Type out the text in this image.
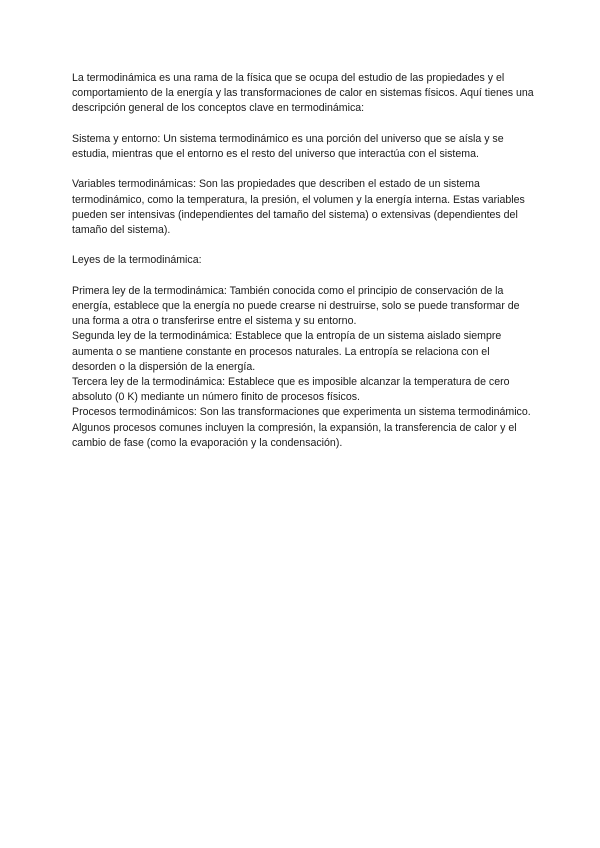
La termodinámica es una rama de la física que se ocupa del estudio de las propiedades y el comportamiento de la energía y las transformaciones de calor en sistemas físicos. Aquí tienes una descripción general de los conceptos clave en termodinámica:

Sistema y entorno: Un sistema termodinámico es una porción del universo que se aísla y se estudia, mientras que el entorno es el resto del universo que interactúa con el sistema.

Variables termodinámicas: Son las propiedades que describen el estado de un sistema termodinámico, como la temperatura, la presión, el volumen y la energía interna. Estas variables pueden ser intensivas (independientes del tamaño del sistema) o extensivas (dependientes del tamaño del sistema).

Leyes de la termodinámica:

Primera ley de la termodinámica: También conocida como el principio de conservación de la energía, establece que la energía no puede crearse ni destruirse, solo se puede transformar de una forma a otra o transferirse entre el sistema y su entorno.

Segunda ley de la termodinámica: Establece que la entropía de un sistema aislado siempre aumenta o se mantiene constante en procesos naturales. La entropía se relaciona con el desorden o la dispersión de la energía.

Tercera ley de la termodinámica: Establece que es imposible alcanzar la temperatura de cero absoluto (0 K) mediante un número finito de procesos físicos.

Procesos termodinámicos: Son las transformaciones que experimenta un sistema termodinámico. Algunos procesos comunes incluyen la compresión, la expansión, la transferencia de calor y el cambio de fase (como la evaporación y la condensación).
